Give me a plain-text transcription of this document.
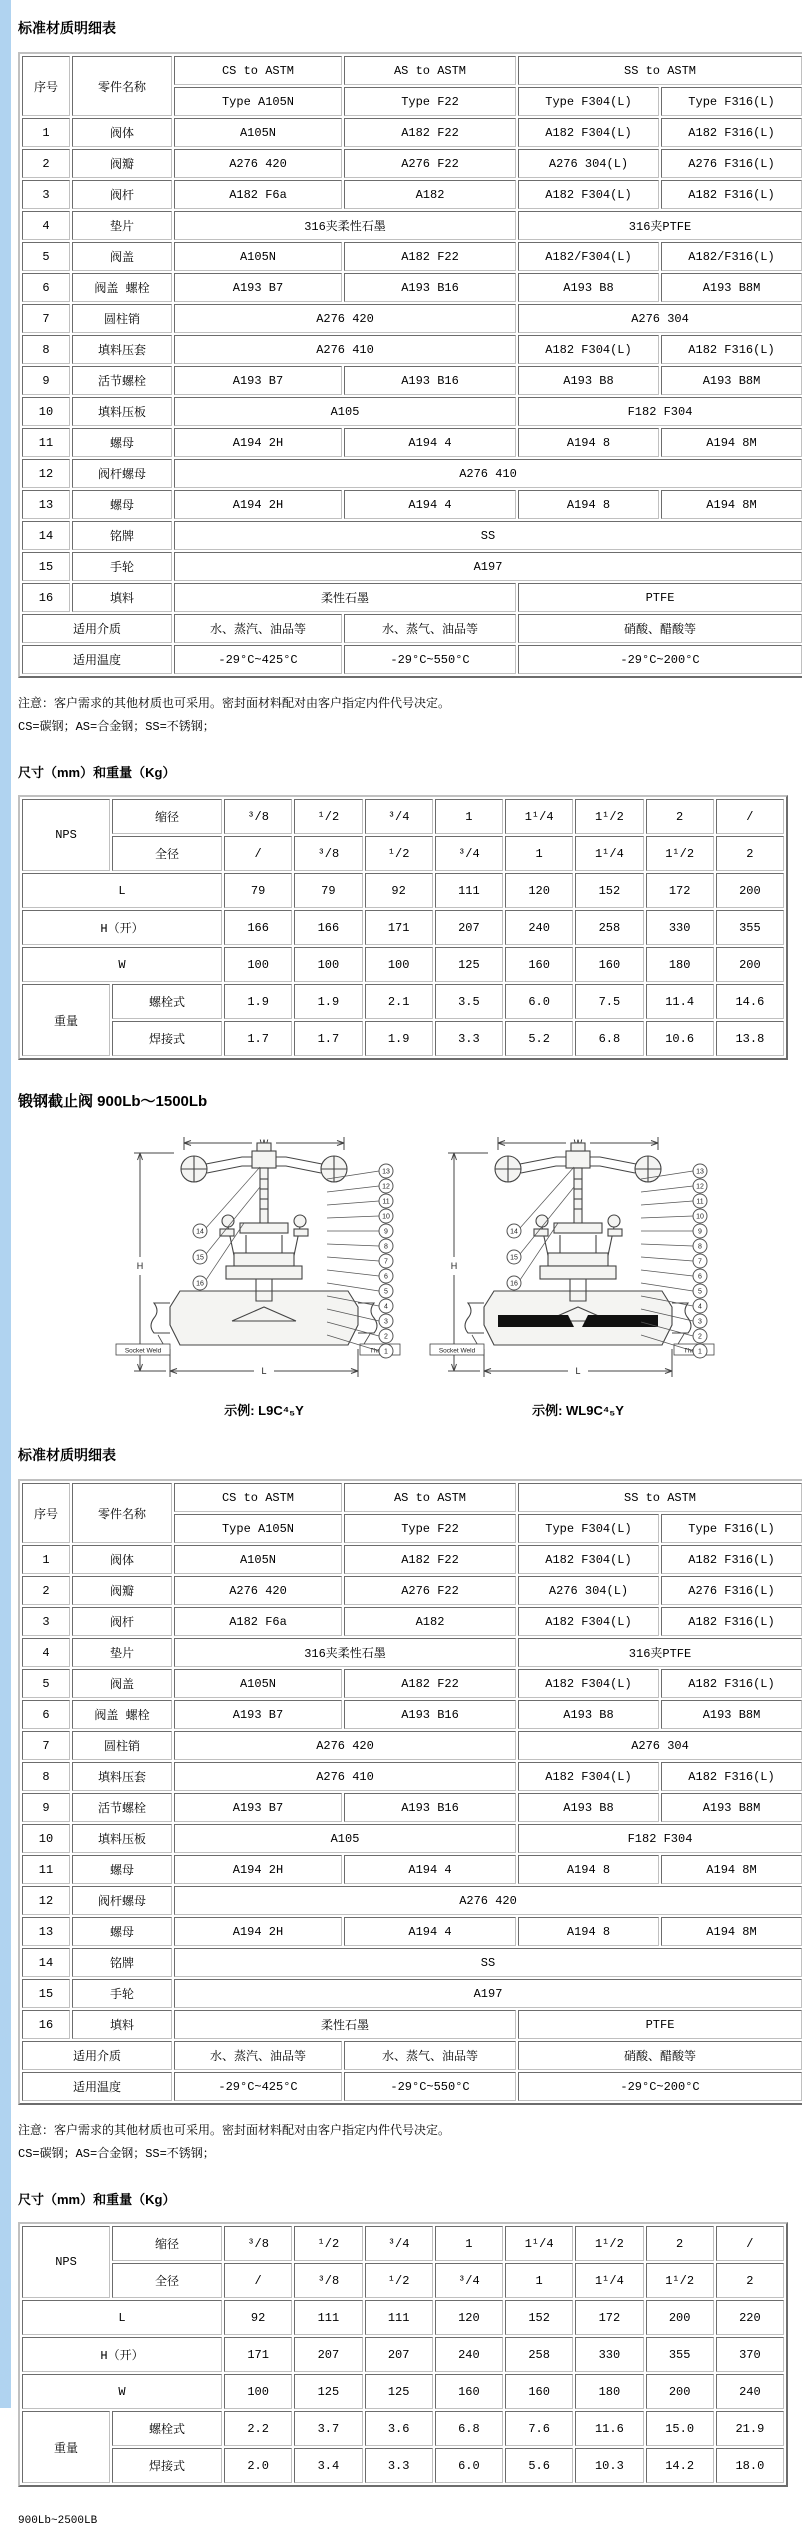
标准材质明细表
序号	零件名称	CS to ASTM	AS to ASTM	SS to ASTM	
		Type A105N	Type F22	Type F304(L)	Type F316(L)
1	阀体	A105N	A182 F22	A182 F304(L)	A182 F316(L)
2	阀瓣	A276 420	A276 F22	A276 304(L)	A276 F316(L)
3	阀杆	A182 F6a	A182	A182 F304(L)	A182 F316(L)
4	垫片	316夹柔性石墨		316夹PTFE	
5	阀盖	A105N	A182 F22	A182/F304(L)	A182/F316(L)
6	阀盖 螺栓	A193 B7	A193 B16	A193 B8	A193 B8M
7	圆柱销	A276 420		A276 304	
8	填料压套	A276 410		A182 F304(L)	A182 F316(L)
9	活节螺栓	A193 B7	A193 B16	A193 B8	A193 B8M
10	填料压板	A105		F182 F304	
11	螺母	A194 2H	A194 4	A194 8	A194 8M
12	阀杆螺母	A276 410			
13	螺母	A194 2H	A194 4	A194 8	A194 8M
14	铭牌	SS			
15	手轮	A197			
16	填料	柔性石墨		PTFE	
适用介质		水、蒸汽、油品等	水、蒸气、油品等	硝酸、醋酸等	
适用温度		-29°C~425°C	-29°C~550°C	-29°C~200°C	
注意：客户需求的其他材质也可采用。密封面材料配对由客户指定内件代号决定。
CS=碳钢；AS=合金钢；SS=不锈钢；
尺寸（mm）和重量（Kg）
NPS	缩径	³/8	¹/2	³/4	1	1¹/4	1¹/2	2	/
	全径	/	³/8	¹/2	³/4	1	1¹/4	1¹/2	2
L		79	79	92	111	120	152	172	200
H（开）		166	166	171	207	240	258	330	355
W		100	100	100	125	160	160	180	200
重量	螺栓式	1.9	1.9	2.1	3.5	6.0	7.5	11.4	14.6
	焊接式	1.7	1.7	1.9	3.3	5.2	6.8	10.6	13.8
锻钢截止阀 900Lb～1500Lb
13
12
11
10
9
8
7
6
5
4
3
2
1
14
15
16
示例: L9C⁴₅Y
13
12
11
10
9
8
7
6
5
4
3
2
1
14
15
16
示例: WL9C⁴₅Y
标准材质明细表
序号	零件名称	CS to ASTM	AS to ASTM	SS to ASTM	
		Type A105N	Type F22	Type F304(L)	Type F316(L)
1	阀体	A105N	A182 F22	A182 F304(L)	A182 F316(L)
2	阀瓣	A276 420	A276 F22	A276 304(L)	A276 F316(L)
3	阀杆	A182 F6a	A182	A182 F304(L)	A182 F316(L)
4	垫片	316夹柔性石墨		316夹PTFE	
5	阀盖	A105N	A182 F22	A182 F304(L)	A182 F316(L)
6	阀盖 螺栓	A193 B7	A193 B16	A193 B8	A193 B8M
7	圆柱销	A276 420		A276 304	
8	填料压套	A276 410		A182 F304(L)	A182 F316(L)
9	活节螺栓	A193 B7	A193 B16	A193 B8	A193 B8M
10	填料压板	A105		F182 F304	
11	螺母	A194 2H	A194 4	A194 8	A194 8M
12	阀杆螺母	A276 420			
13	螺母	A194 2H	A194 4	A194 8	A194 8M
14	铭牌	SS			
15	手轮	A197			
16	填料	柔性石墨		PTFE	
适用介质		水、蒸汽、油品等	水、蒸气、油品等	硝酸、醋酸等	
适用温度		-29°C~425°C	-29°C~550°C	-29°C~200°C	
注意：客户需求的其他材质也可采用。密封面材料配对由客户指定内件代号决定。
CS=碳钢；AS=合金钢；SS=不锈钢；
尺寸（mm）和重量（Kg）
NPS	缩径	³/8	¹/2	³/4	1	1¹/4	1¹/2	2	/
	全径	/	³/8	¹/2	³/4	1	1¹/4	1¹/2	2
L		92	111	111	120	152	172	200	220
H（开）		171	207	207	240	258	330	355	370
W		100	125	125	160	160	180	200	240
重量	螺栓式	2.2	3.7	3.6	6.8	7.6	11.6	15.0	21.9
	焊接式	2.0	3.4	3.3	6.0	5.6	10.3	14.2	18.0
900Lb~2500LB
